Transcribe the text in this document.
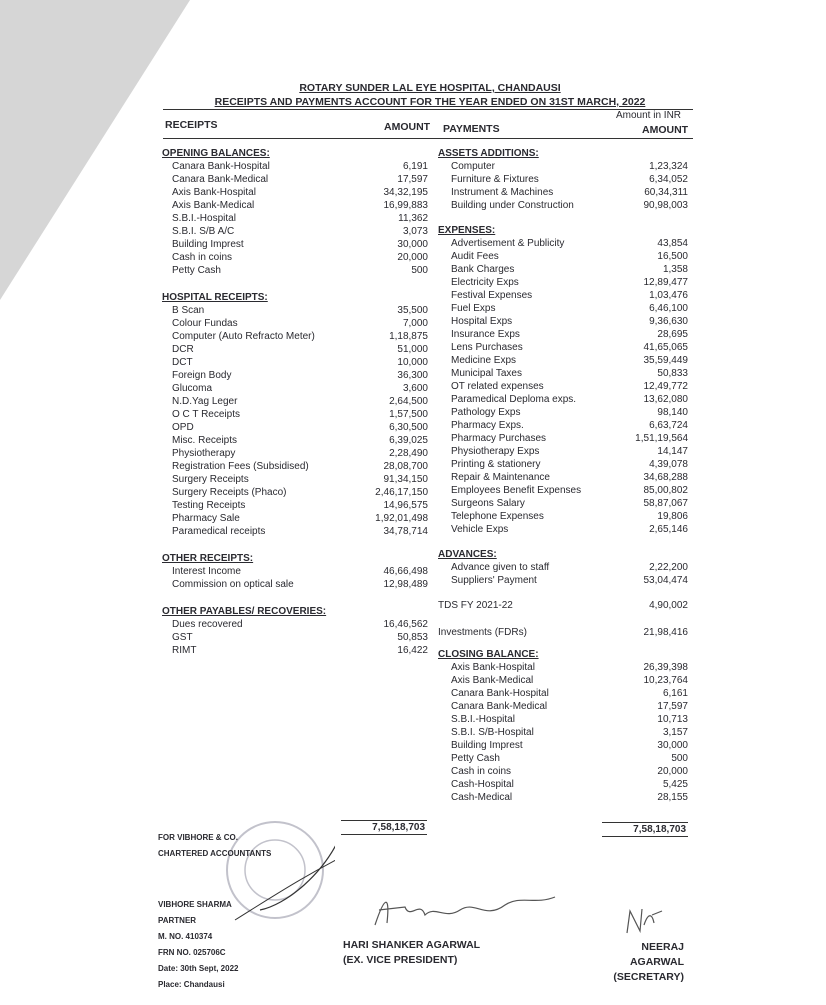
ROTARY SUNDER LAL EYE HOSPITAL, CHANDAUSI
RECEIPTS AND PAYMENTS ACCOUNT FOR THE YEAR ENDED ON 31ST MARCH, 2022
Amount in INR
RECEIPTS	AMOUNT PAYMENTS	AMOUNT
OPENING BALANCES:
Canara Bank-Hospital	6,191
Canara Bank-Medical	17,597
Axis Bank-Hospital	34,32,195
Axis Bank-Medical	16,99,883
S.B.I.-Hospital	11,362
S.B.I. S/B A/C	3,073
Building Imprest	30,000
Cash in coins	20,000
Petty Cash	500
HOSPITAL RECEIPTS:
B Scan	35,500
Colour Fundas	7,000
Computer (Auto Refracto Meter)	1,18,875
DCR	51,000
DCT	10,000
Foreign Body	36,300
Glucoma	3,600
N.D.Yag Leger	2,64,500
O C T Receipts	1,57,500
OPD	6,30,500
Misc. Receipts	6,39,025
Physiotherapy	2,28,490
Registration Fees (Subsidised)	28,08,700
Surgery Receipts	91,34,150
Surgery Receipts (Phaco)	2,46,17,150
Testing Receipts	14,96,575
Pharmacy Sale	1,92,01,498
Paramedical receipts	34,78,714
OTHER RECEIPTS:
Interest Income	46,66,498
Commission on optical sale	12,98,489
OTHER PAYABLES/ RECOVERIES:
Dues recovered	16,46,562
GST	50,853
RIMT	16,422
ASSETS ADDITIONS:
Computer	1,23,324
Furniture & Fixtures	6,34,052
Instrument & Machines	60,34,311
Building under Construction	90,98,003
EXPENSES:
Advertisement & Publicity	43,854
Audit Fees	16,500
Bank Charges	1,358
Electricity Exps	12,89,477
Festival Expenses	1,03,476
Fuel Exps	6,46,100
Hospital Exps	9,36,630
Insurance Exps	28,695
Lens Purchases	41,65,065
Medicine Exps	35,59,449
Municipal Taxes	50,833
OT related expenses	12,49,772
Paramedical Deploma exps.	13,62,080
Pathology Exps	98,140
Pharmacy Exps.	6,63,724
Pharmacy Purchases	1,51,19,564
Physiotherapy Exps	14,147
Printing & stationery	4,39,078
Repair & Maintenance	34,68,288
Employees Benefit Expenses	85,00,802
Surgeons Salary	58,87,067
Telephone Expenses	19,806
Vehicle Exps	2,65,146
ADVANCES:
Advance given to staff	2,22,200
Suppliers' Payment	53,04,474
TDS FY 2021-22	4,90,002
Investments (FDRs)	21,98,416
CLOSING BALANCE:
Axis Bank-Hospital	26,39,398
Axis Bank-Medical	10,23,764
Canara Bank-Hospital	6,161
Canara Bank-Medical	17,597
S.B.I.-Hospital	10,713
S.B.I. S/B-Hospital	3,157
Building Imprest	30,000
Petty Cash	500
Cash in coins	20,000
Cash-Hospital	5,425
Cash-Medical	28,155
7,58,18,703	7,58,18,703
FOR VIBHORE & CO.
CHARTERED ACCOUNTANTS
VIBHORE SHARMA
PARTNER
M. NO. 410374
FRN NO. 025706C
Date: 30th Sept, 2022
Place: Chandausi
HARI SHANKER AGARWAL
(EX. VICE PRESIDENT)
NEERAJ AGARWAL
(SECRETARY)
